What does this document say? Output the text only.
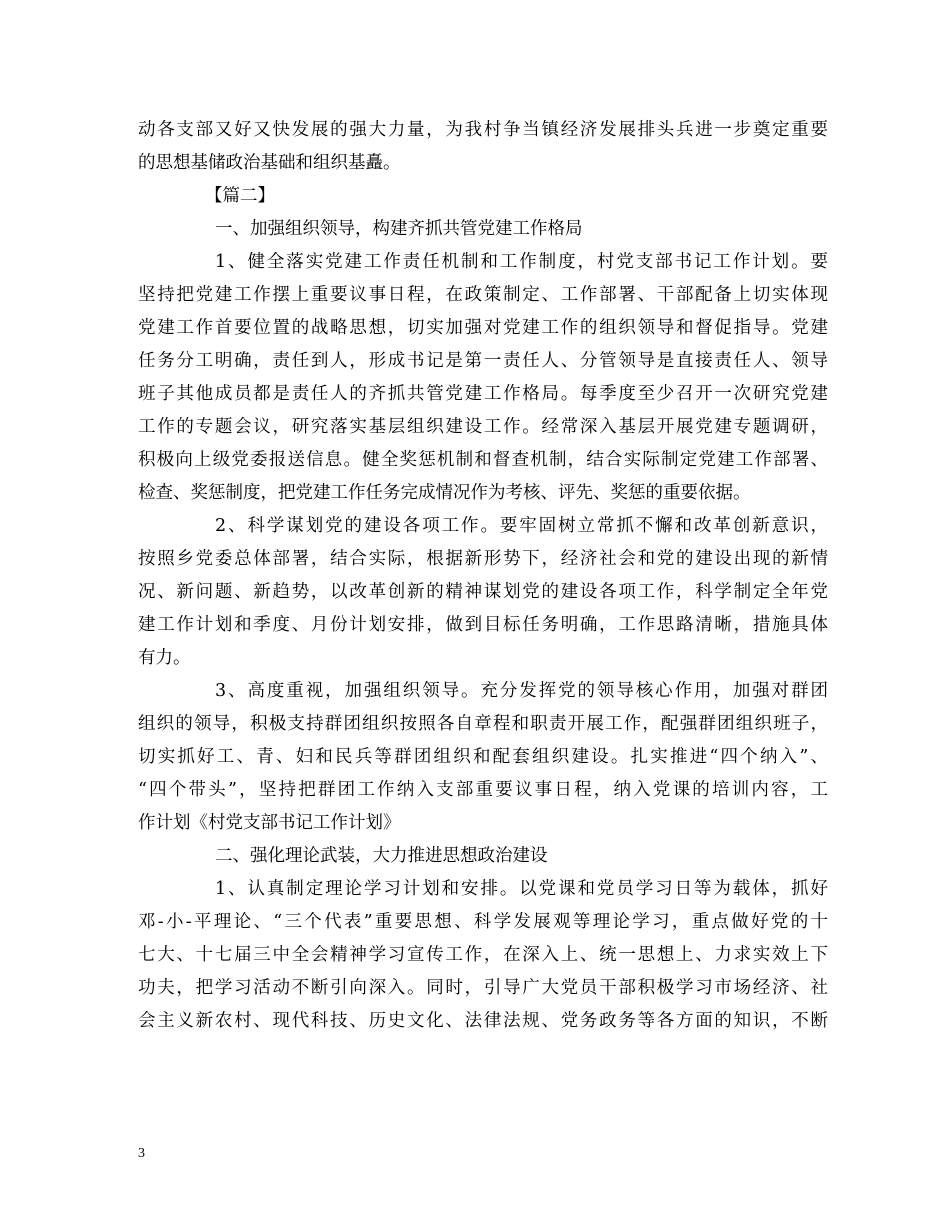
动各支部又好又快发展的强大力量，为我村争当镇经济发展排头兵进一步奠定重要
的思想基储政治基础和组织基矗。
【篇二】
一、加强组织领导，构建齐抓共管党建工作格局
1、健全落实党建工作责任机制和工作制度，村党支部书记工作计划。要
坚持把党建工作摆上重要议事日程，在政策制定、工作部署、干部配备上切实体现
党建工作首要位置的战略思想，切实加强对党建工作的组织领导和督促指导。党建
任务分工明确，责任到人，形成书记是第一责任人、分管领导是直接责任人、领导
班子其他成员都是责任人的齐抓共管党建工作格局。每季度至少召开一次研究党建
工作的专题会议，研究落实基层组织建设工作。经常深入基层开展党建专题调研，
积极向上级党委报送信息。健全奖惩机制和督查机制，结合实际制定党建工作部署、
检查、奖惩制度，把党建工作任务完成情况作为考核、评先、奖惩的重要依据。
2、科学谋划党的建设各项工作。要牢固树立常抓不懈和改革创新意识，
按照乡党委总体部署，结合实际，根据新形势下，经济社会和党的建设出现的新情
况、新问题、新趋势，以改革创新的精神谋划党的建设各项工作，科学制定全年党
建工作计划和季度、月份计划安排，做到目标任务明确，工作思路清晰，措施具体
有力。
3、高度重视，加强组织领导。充分发挥党的领导核心作用，加强对群团
组织的领导，积极支持群团组织按照各自章程和职责开展工作，配强群团组织班子，
切实抓好工、青、妇和民兵等群团组织和配套组织建设。扎实推进“四个纳入”、
“四个带头”，坚持把群团工作纳入支部重要议事日程，纳入党课的培训内容，工
作计划《村党支部书记工作计划》
二、强化理论武装，大力推进思想政治建设
1、认真制定理论学习计划和安排。以党课和党员学习日等为载体，抓好
邓-小-平理论、“三个代表”重要思想、科学发展观等理论学习，重点做好党的十
七大、十七届三中全会精神学习宣传工作，在深入上、统一思想上、力求实效上下
功夫，把学习活动不断引向深入。同时，引导广大党员干部积极学习市场经济、社
会主义新农村、现代科技、历史文化、法律法规、党务政务等各方面的知识，不断
3
